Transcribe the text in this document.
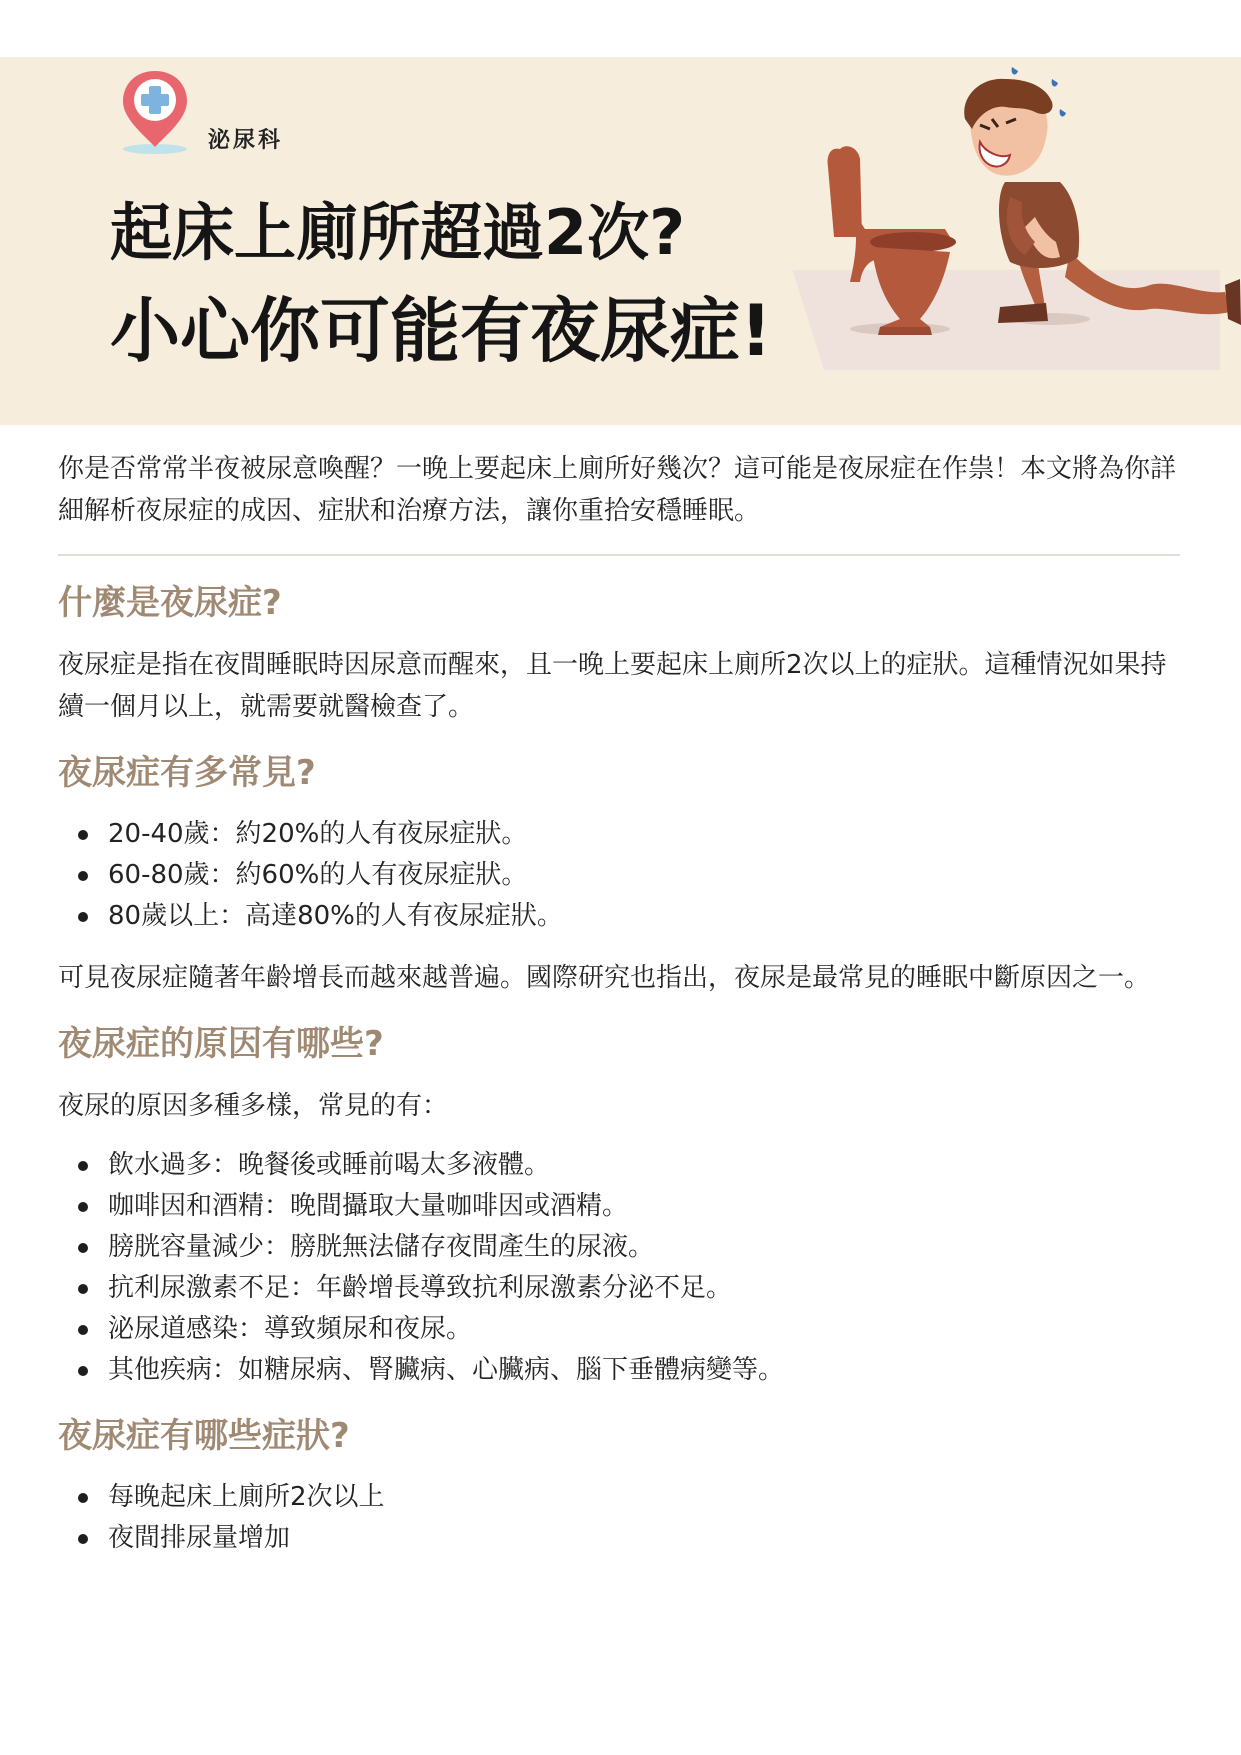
泌尿科
起床上廁所超過2次?
小心你可能有夜尿症!

你是否常常半夜被尿意喚醒？一晚上要起床上廁所好幾次？這可能是夜尿症在作祟！本文將為你詳細解析夜尿症的成因、症狀和治療方法，讓你重拾安穩睡眠。

什麼是夜尿症?

夜尿症是指在夜間睡眠時因尿意而醒來，且一晚上要起床上廁所2次以上的症狀。這種情況如果持續一個月以上，就需要就醫檢查了。

夜尿症有多常見?
20-40歲：約20%的人有夜尿症狀。
60-80歲：約60%的人有夜尿症狀。
80歲以上：高達80%的人有夜尿症狀。

可見夜尿症隨著年齡增長而越來越普遍。國際研究也指出，夜尿是最常見的睡眠中斷原因之一。

夜尿症的原因有哪些?

夜尿的原因多種多樣，常見的有：

飲水過多：晚餐後或睡前喝太多液體。
咖啡因和酒精：晚間攝取大量咖啡因或酒精。
膀胱容量減少：膀胱無法儲存夜間產生的尿液。
抗利尿激素不足：年齡增長導致抗利尿激素分泌不足。
泌尿道感染：導致頻尿和夜尿。
其他疾病：如糖尿病、腎臟病、心臟病、腦下垂體病變等。
夜尿症有哪些症狀?
每晚起床上廁所2次以上
夜間排尿量增加
